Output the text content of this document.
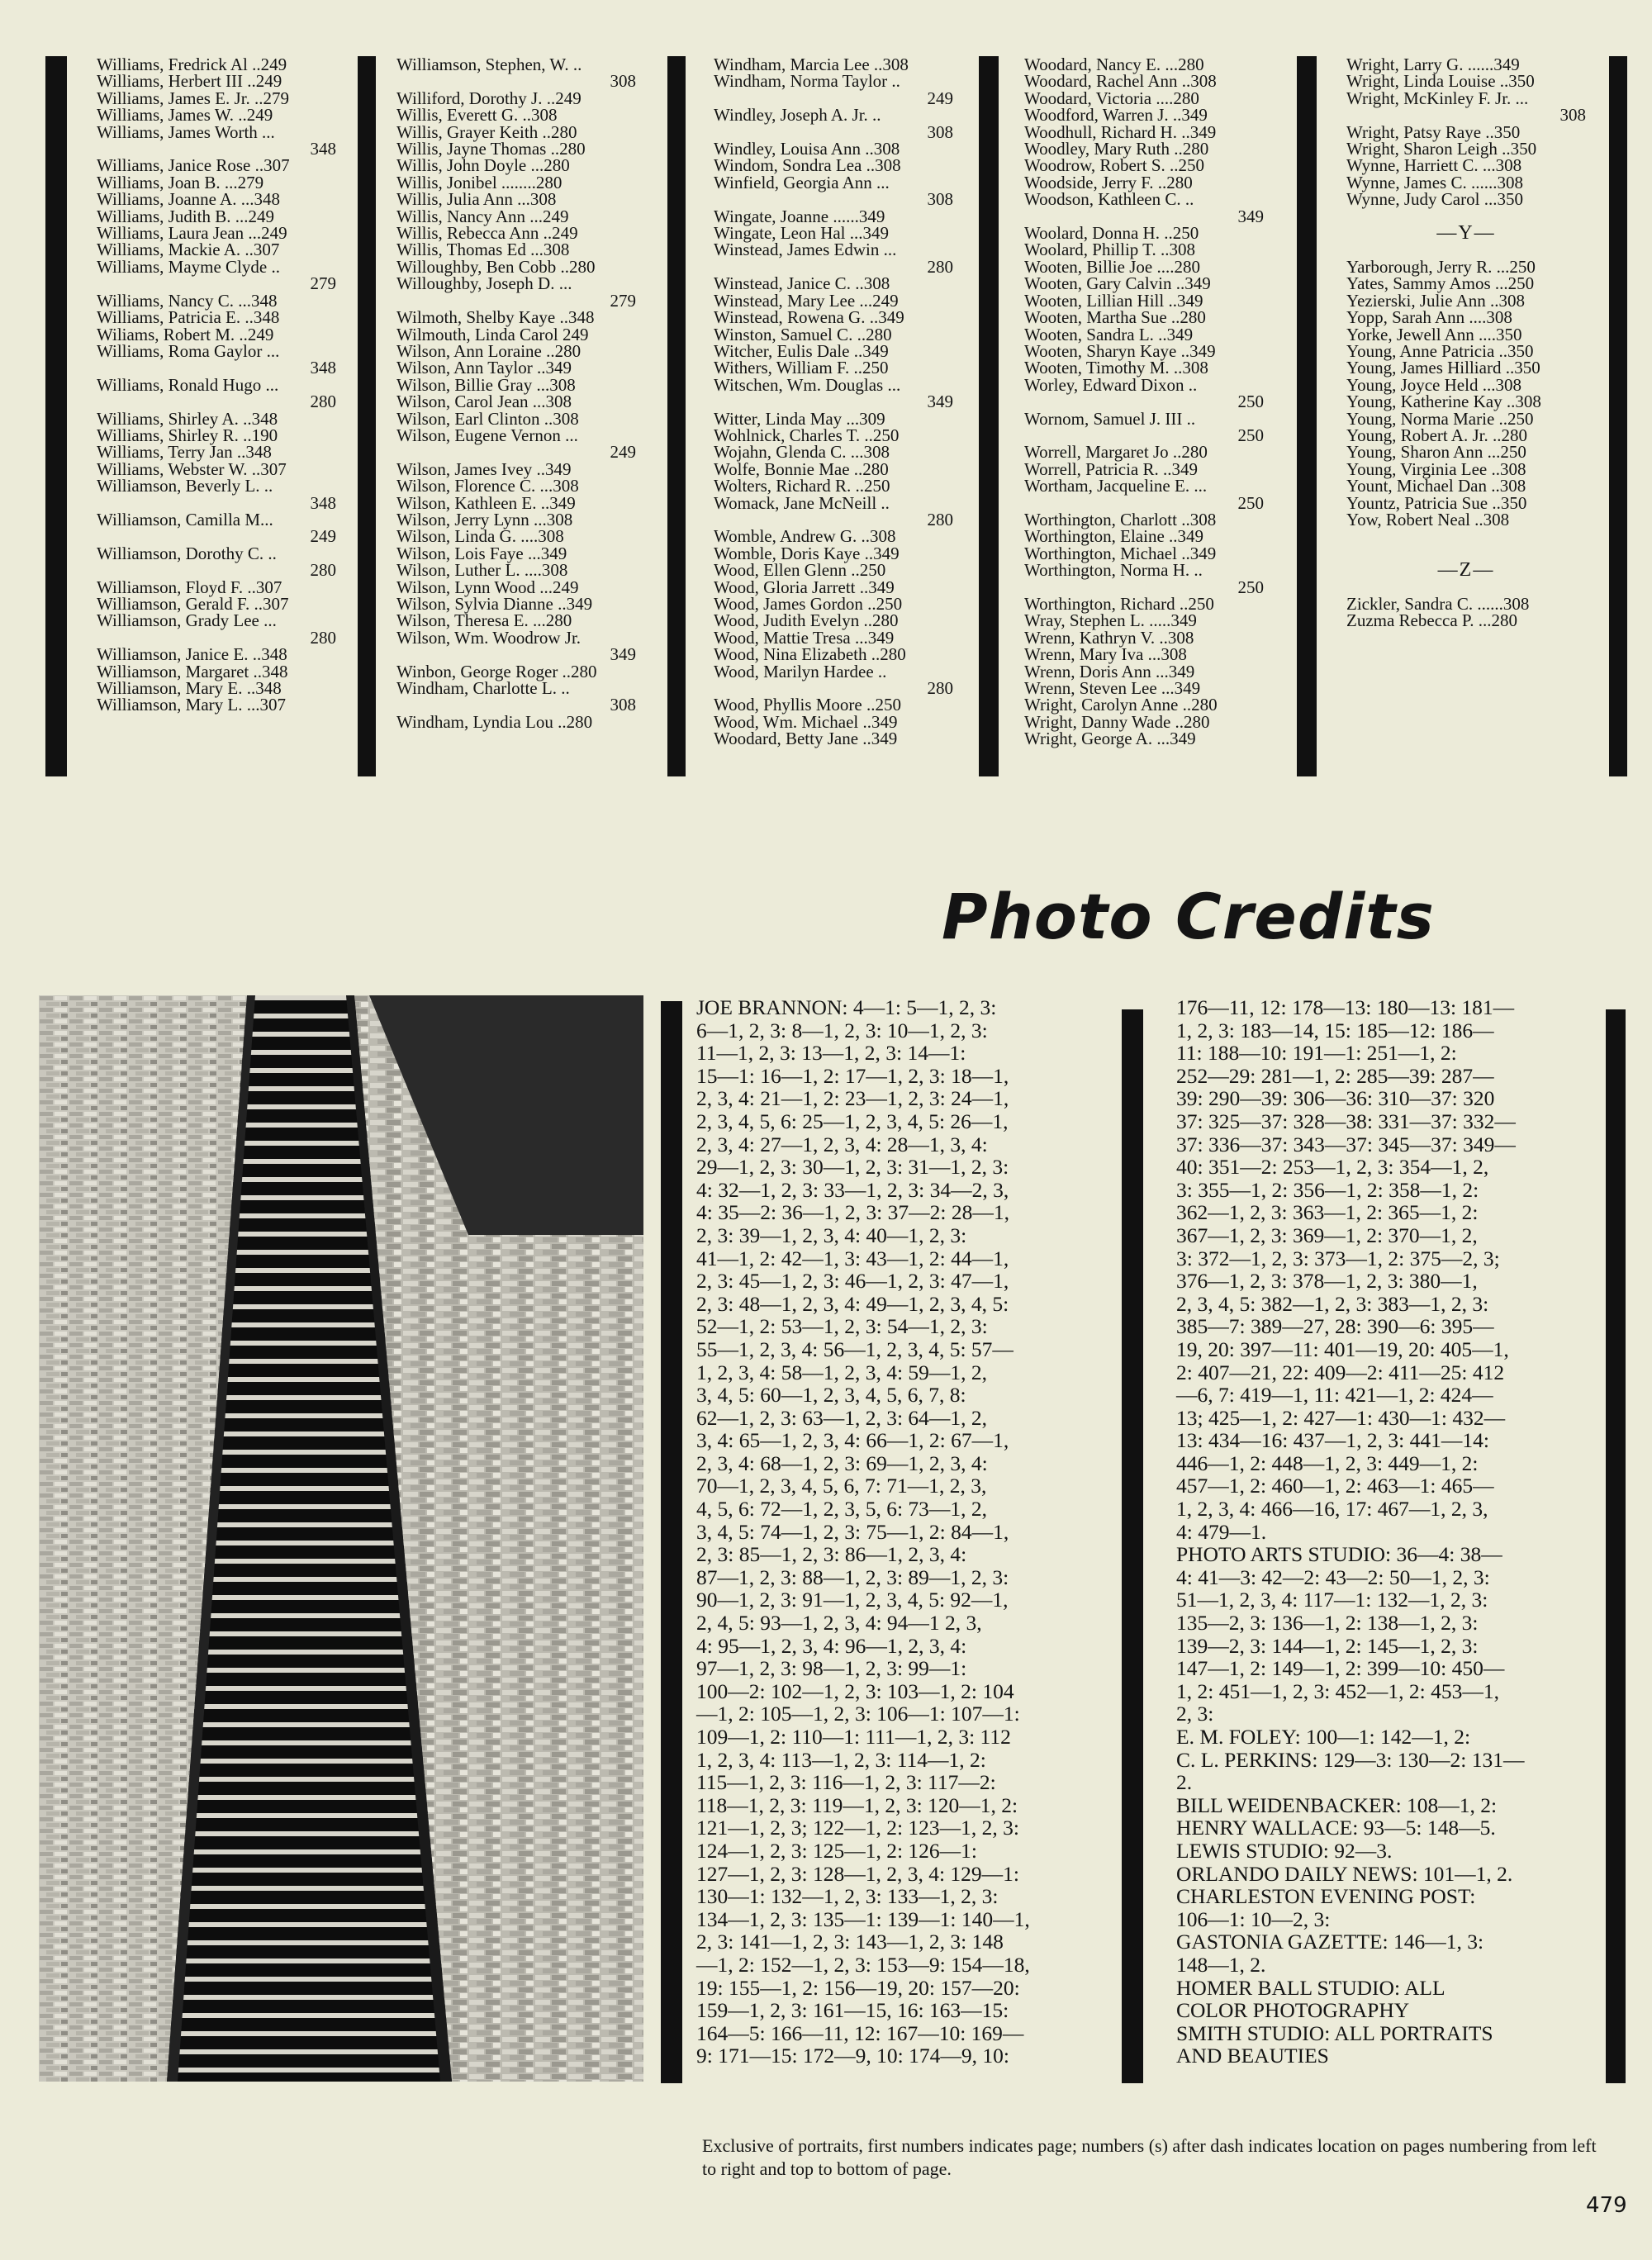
Williams, Fredrick Al ..249

Williams, Herbert III ..249

Williams, James E. Jr. ..279

Williams, James W. ..249

Williams, James Worth ...

348

Williams, Janice Rose ..307

Williams, Joan B. ...279

Williams, Joanne A. ...348

Williams, Judith B. ...249

Williams, Laura Jean ...249

Williams, Mackie A. ..307

Williams, Mayme Clyde ..

279

Williams, Nancy C. ...348

Williams, Patricia E. ..348

Wiliams, Robert M. ..249

Williams, Roma Gaylor ...

348

Williams, Ronald Hugo ...

280

Williams, Shirley A. ..348

Williams, Shirley R. ..190

Williams, Terry Jan ..348

Williams, Webster W. ..307

Williamson, Beverly L. ..

348

Williamson, Camilla M...

249

Williamson, Dorothy C. ..

280

Williamson, Floyd F. ..307

Williamson, Gerald F. ..307

Williamson, Grady Lee ...

280

Williamson, Janice E. ..348

Williamson, Margaret ..348

Williamson, Mary E. ..348

Williamson, Mary L. ...307

Williamson, Stephen, W. ..

308

Williford, Dorothy J. ..249

Willis, Everett G. ..308

Willis, Grayer Keith ..280

Willis, Jayne Thomas ..280

Willis, John Doyle ...280

Willis, Jonibel ........280

Willis, Julia Ann ...308

Willis, Nancy Ann ...249

Willis, Rebecca Ann ..249

Willis, Thomas Ed ...308

Willoughby, Ben Cobb ..280

Willoughby, Joseph D. ...

279

Wilmoth, Shelby Kaye ..348

Wilmouth, Linda Carol 249

Wilson, Ann Loraine ..280

Wilson, Ann Taylor ..349

Wilson, Billie Gray ...308

Wilson, Carol Jean ...308

Wilson, Earl Clinton ..308

Wilson, Eugene Vernon ...

249

Wilson, James Ivey ..349

Wilson, Florence C. ...308

Wilson, Kathleen E. ..349

Wilson, Jerry Lynn ...308

Wilson, Linda G. ....308

Wilson, Lois Faye ...349

Wilson, Luther L. ....308

Wilson, Lynn Wood ...249

Wilson, Sylvia Dianne ..349

Wilson, Theresa E. ...280

Wilson, Wm. Woodrow Jr.

349

Winbon, George Roger ..280

Windham, Charlotte L. ..

308

Windham, Lyndia Lou ..280

Windham, Marcia Lee ..308

Windham, Norma Taylor ..

249

Windley, Joseph A. Jr. ..

308

Windley, Louisa Ann ..308

Windom, Sondra Lea ..308

Winfield, Georgia Ann ...

308

Wingate, Joanne ......349

Wingate, Leon Hal ...349

Winstead, James Edwin ...

280

Winstead, Janice C. ..308

Winstead, Mary Lee ...249

Winstead, Rowena G. ..349

Winston, Samuel C. ..280

Witcher, Eulis Dale ..349

Withers, William F. ..250

Witschen, Wm. Douglas ...

349

Witter, Linda May ...309

Wohlnick, Charles T. ..250

Wojahn, Glenda C. ...308

Wolfe, Bonnie Mae ..280

Wolters, Richard R. ..250

Womack, Jane McNeill ..

280

Womble, Andrew G. ..308

Womble, Doris Kaye ..349

Wood, Ellen Glenn ..250

Wood, Gloria Jarrett ..349

Wood, James Gordon ..250

Wood, Judith Evelyn ..280

Wood, Mattie Tresa ...349

Wood, Nina Elizabeth ..280

Wood, Marilyn Hardee ..

280

Wood, Phyllis Moore ..250

Wood, Wm. Michael ..349

Woodard, Betty Jane ..349

Woodard, Nancy E. ...280

Woodard, Rachel Ann ..308

Woodard, Victoria ....280

Woodford, Warren J. ..349

Woodhull, Richard H. ..349

Woodley, Mary Ruth ..280

Woodrow, Robert S. ..250

Woodside, Jerry F. ..280

Woodson, Kathleen C. ..

349

Woolard, Donna H. ..250

Woolard, Phillip T. ..308

Wooten, Billie Joe ....280

Wooten, Gary Calvin ..349

Wooten, Lillian Hill ..349

Wooten, Martha Sue ..280

Wooten, Sandra L. ..349

Wooten, Sharyn Kaye ..349

Wooten, Timothy M. ..308

Worley, Edward Dixon ..

250

Wornom, Samuel J. III ..

250

Worrell, Margaret Jo ..280

Worrell, Patricia R. ..349

Wortham, Jacqueline E. ...

250

Worthington, Charlott ..308

Worthington, Elaine ..349

Worthington, Michael ..349

Worthington, Norma H. ..

250

Worthington, Richard ..250

Wray, Stephen L. .....349

Wrenn, Kathryn V. ..308

Wrenn, Mary Iva ...308

Wrenn, Doris Ann ...349

Wrenn, Steven Lee ...349

Wright, Carolyn Anne ..280

Wright, Danny Wade ..280

Wright, George A. ...349

Wright, Larry G. ......349

Wright, Linda Louise ..350

Wright, McKinley F. Jr. ...

308

Wright, Patsy Raye ..350

Wright, Sharon Leigh ..350

Wynne, Harriett C. ...308

Wynne, James C. ......308

Wynne, Judy Carol ...350

—Y—

Yarborough, Jerry R. ...250

Yates, Sammy Amos ...250

Yezierski, Julie Ann ..308

Yopp, Sarah Ann ....308

Yorke, Jewell Ann ....350

Young, Anne Patricia ..350

Young, James Hilliard ..350

Young, Joyce Held ...308

Young, Katherine Kay ..308

Young, Norma Marie ..250

Young, Robert A. Jr. ..280

Young, Sharon Ann ...250

Young, Virginia Lee ..308

Yount, Michael Dan ..308

Yountz, Patricia Sue ..350

Yow, Robert Neal ..308

—Z—

Zickler, Sandra C. ......308

Zuzma Rebecca P. ...280

Photo Credits

JOE BRANNON: 4—1: 5—1, 2, 3:

6—1, 2, 3: 8—1, 2, 3: 10—1, 2, 3:

11—1, 2, 3: 13—1, 2, 3: 14—1:

15—1: 16—1, 2: 17—1, 2, 3: 18—1,

2, 3, 4: 21—1, 2: 23—1, 2, 3: 24—1,

2, 3, 4, 5, 6: 25—1, 2, 3, 4, 5: 26—1,

2, 3, 4: 27—1, 2, 3, 4: 28—1, 3, 4:

29—1, 2, 3: 30—1, 2, 3: 31—1, 2, 3:

4: 32—1, 2, 3: 33—1, 2, 3: 34—2, 3,

4: 35—2: 36—1, 2, 3: 37—2: 28—1,

2, 3: 39—1, 2, 3, 4: 40—1, 2, 3:

41—1, 2: 42—1, 3: 43—1, 2: 44—1,

2, 3: 45—1, 2, 3: 46—1, 2, 3: 47—1,

2, 3: 48—1, 2, 3, 4: 49—1, 2, 3, 4, 5:

52—1, 2: 53—1, 2, 3: 54—1, 2, 3:

55—1, 2, 3, 4: 56—1, 2, 3, 4, 5: 57—

1, 2, 3, 4: 58—1, 2, 3, 4: 59—1, 2,

3, 4, 5: 60—1, 2, 3, 4, 5, 6, 7, 8:

62—1, 2, 3: 63—1, 2, 3: 64—1, 2,

3, 4: 65—1, 2, 3, 4: 66—1, 2: 67—1,

2, 3, 4: 68—1, 2, 3: 69—1, 2, 3, 4:

70—1, 2, 3, 4, 5, 6, 7: 71—1, 2, 3,

4, 5, 6: 72—1, 2, 3, 5, 6: 73—1, 2,

3, 4, 5: 74—1, 2, 3: 75—1, 2: 84—1,

2, 3: 85—1, 2, 3: 86—1, 2, 3, 4:

87—1, 2, 3: 88—1, 2, 3: 89—1, 2, 3:

90—1, 2, 3: 91—1, 2, 3, 4, 5: 92—1,

2, 4, 5: 93—1, 2, 3, 4: 94—1 2, 3,

4: 95—1, 2, 3, 4: 96—1, 2, 3, 4:

97—1, 2, 3: 98—1, 2, 3: 99—1:

100—2: 102—1, 2, 3: 103—1, 2: 104

—1, 2: 105—1, 2, 3: 106—1: 107—1:

109—1, 2: 110—1: 111—1, 2, 3: 112

1, 2, 3, 4: 113—1, 2, 3: 114—1, 2:

115—1, 2, 3: 116—1, 2, 3: 117—2:

118—1, 2, 3: 119—1, 2, 3: 120—1, 2:

121—1, 2, 3; 122—1, 2: 123—1, 2, 3:

124—1, 2, 3: 125—1, 2: 126—1:

127—1, 2, 3: 128—1, 2, 3, 4: 129—1:

130—1: 132—1, 2, 3: 133—1, 2, 3:

134—1, 2, 3: 135—1: 139—1: 140—1,

2, 3: 141—1, 2, 3: 143—1, 2, 3: 148

—1, 2: 152—1, 2, 3: 153—9: 154—18,

19: 155—1, 2: 156—19, 20: 157—20:

159—1, 2, 3: 161—15, 16: 163—15:

164—5: 166—11, 12: 167—10: 169—

9: 171—15: 172—9, 10: 174—9, 10:

176—11, 12: 178—13: 180—13: 181—

1, 2, 3: 183—14, 15: 185—12: 186—

11: 188—10: 191—1: 251—1, 2:

252—29: 281—1, 2: 285—39: 287—

39: 290—39: 306—36: 310—37: 320

37: 325—37: 328—38: 331—37: 332—

37: 336—37: 343—37: 345—37: 349—

40: 351—2: 253—1, 2, 3: 354—1, 2,

3: 355—1, 2: 356—1, 2: 358—1, 2:

362—1, 2, 3: 363—1, 2: 365—1, 2:

367—1, 2, 3: 369—1, 2: 370—1, 2,

3: 372—1, 2, 3: 373—1, 2: 375—2, 3;

376—1, 2, 3: 378—1, 2, 3: 380—1,

2, 3, 4, 5: 382—1, 2, 3: 383—1, 2, 3:

385—7: 389—27, 28: 390—6: 395—

19, 20: 397—11: 401—19, 20: 405—1,

2: 407—21, 22: 409—2: 411—25: 412

—6, 7: 419—1, 11: 421—1, 2: 424—

13; 425—1, 2: 427—1: 430—1: 432—

13: 434—16: 437—1, 2, 3: 441—14:

446—1, 2: 448—1, 2, 3: 449—1, 2:

457—1, 2: 460—1, 2: 463—1: 465—

1, 2, 3, 4: 466—16, 17: 467—1, 2, 3,

4: 479—1.

PHOTO ARTS STUDIO: 36—4: 38—

4: 41—3: 42—2: 43—2: 50—1, 2, 3:

51—1, 2, 3, 4: 117—1: 132—1, 2, 3:

135—2, 3: 136—1, 2: 138—1, 2, 3:

139—2, 3: 144—1, 2: 145—1, 2, 3:

147—1, 2: 149—1, 2: 399—10: 450—

1, 2: 451—1, 2, 3: 452—1, 2: 453—1,

2, 3:

E. M. FOLEY: 100—1: 142—1, 2:

C. L. PERKINS: 129—3: 130—2: 131—

2.

BILL WEIDENBACKER: 108—1, 2:

HENRY WALLACE: 93—5: 148—5.

LEWIS STUDIO: 92—3.

ORLANDO DAILY NEWS: 101—1, 2.

CHARLESTON EVENING POST:

106—1: 10—2, 3:

GASTONIA GAZETTE: 146—1, 3:

148—1, 2.

HOMER BALL STUDIO: ALL

COLOR PHOTOGRAPHY

SMITH STUDIO: ALL PORTRAITS

AND BEAUTIES

Exclusive of portraits, first numbers indicates page; numbers (s) after dash indicates location on pages numbering from left to right and top to bottom of page.
479
